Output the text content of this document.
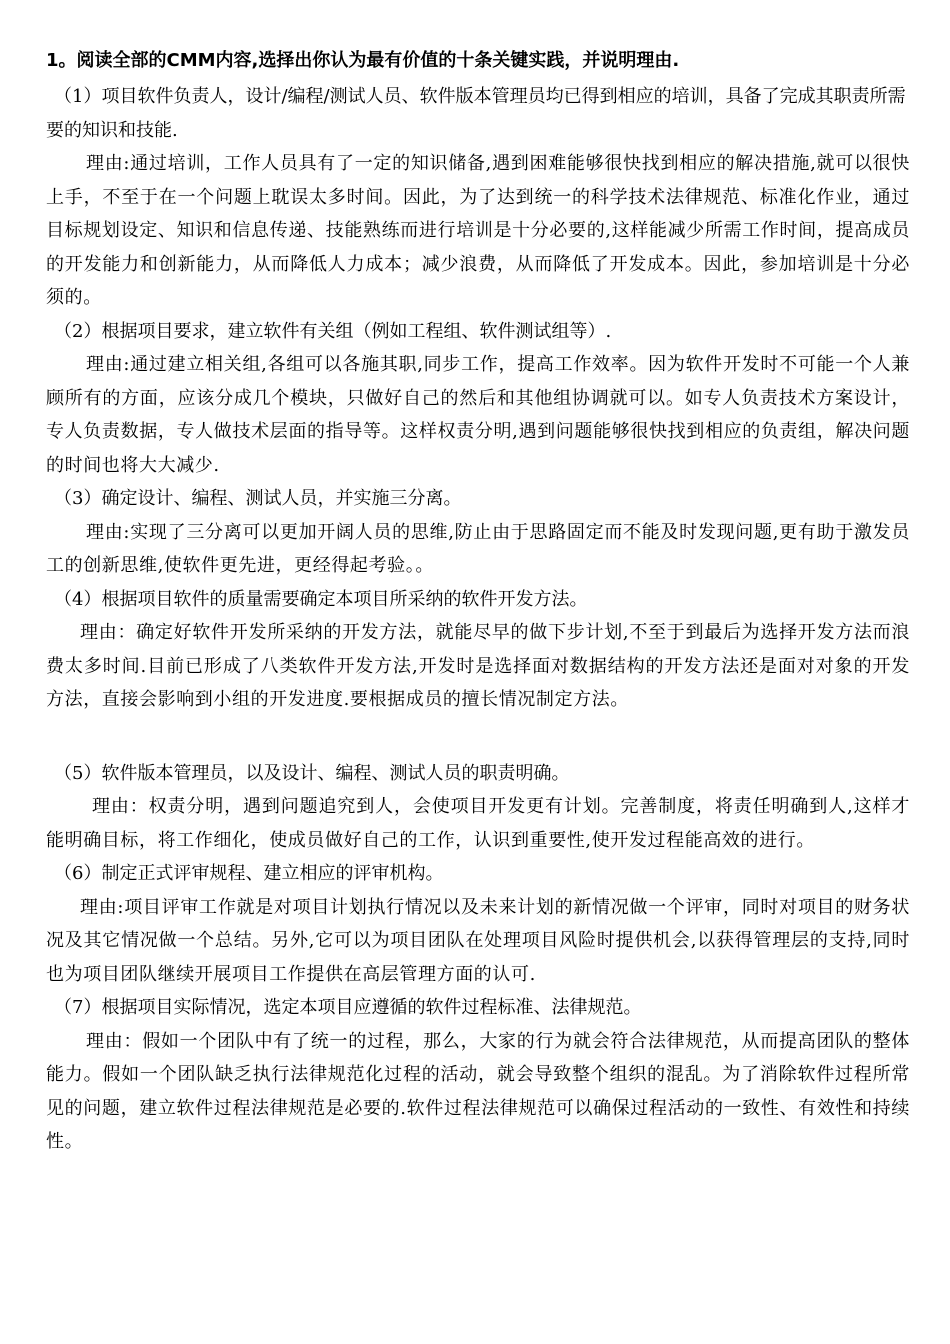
1。阅读全部的CMM内容,选择出你认为最有价值的十条关键实践，并说明理由.

（1）项目软件负责人，设计/编程/测试人员、软件版本管理员均已得到相应的培训，具备了完成其职责所需要的知识和技能.

理由:通过培训，工作人员具有了一定的知识储备,遇到困难能够很快找到相应的解决措施,就可以很快上手，不至于在一个问题上耽误太多时间。因此，为了达到统一的科学技术法律规范、标准化作业，通过目标规划设定、知识和信息传递、技能熟练而进行培训是十分必要的,这样能减少所需工作时间，提高成员的开发能力和创新能力，从而降低人力成本；减少浪费，从而降低了开发成本。因此，参加培训是十分必须的。

（2）根据项目要求，建立软件有关组（例如工程组、软件测试组等）.

理由:通过建立相关组,各组可以各施其职,同步工作，提高工作效率。因为软件开发时不可能一个人兼顾所有的方面，应该分成几个模块，只做好自己的然后和其他组协调就可以。如专人负责技术方案设计，专人负责数据，专人做技术层面的指导等。这样权责分明,遇到问题能够很快找到相应的负责组，解决问题的时间也将大大减少.

（3）确定设计、编程、测试人员，并实施三分离。

理由:实现了三分离可以更加开阔人员的思维,防止由于思路固定而不能及时发现问题,更有助于激发员工的创新思维,使软件更先进，更经得起考验。。

（4）根据项目软件的质量需要确定本项目所采纳的软件开发方法。

理由：确定好软件开发所采纳的开发方法，就能尽早的做下步计划,不至于到最后为选择开发方法而浪费太多时间.目前已形成了八类软件开发方法,开发时是选择面对数据结构的开发方法还是面对对象的开发方法，直接会影响到小组的开发进度.要根据成员的擅长情况制定方法。

（5）软件版本管理员，以及设计、编程、测试人员的职责明确。

理由：权责分明，遇到问题追究到人，会使项目开发更有计划。完善制度，将责任明确到人,这样才能明确目标，将工作细化，使成员做好自己的工作，认识到重要性,使开发过程能高效的进行。

（6）制定正式评审规程、建立相应的评审机构。

理由:项目评审工作就是对项目计划执行情况以及未来计划的新情况做一个评审，同时对项目的财务状况及其它情况做一个总结。另外,它可以为项目团队在处理项目风险时提供机会,以获得管理层的支持,同时也为项目团队继续开展项目工作提供在高层管理方面的认可.

（7）根据项目实际情况，选定本项目应遵循的软件过程标准、法律规范。

理由：假如一个团队中有了统一的过程，那么，大家的行为就会符合法律规范，从而提高团队的整体能力。假如一个团队缺乏执行法律规范化过程的活动，就会导致整个组织的混乱。为了消除软件过程所常见的问题，建立软件过程法律规范是必要的.软件过程法律规范可以确保过程活动的一致性、有效性和持续性。
